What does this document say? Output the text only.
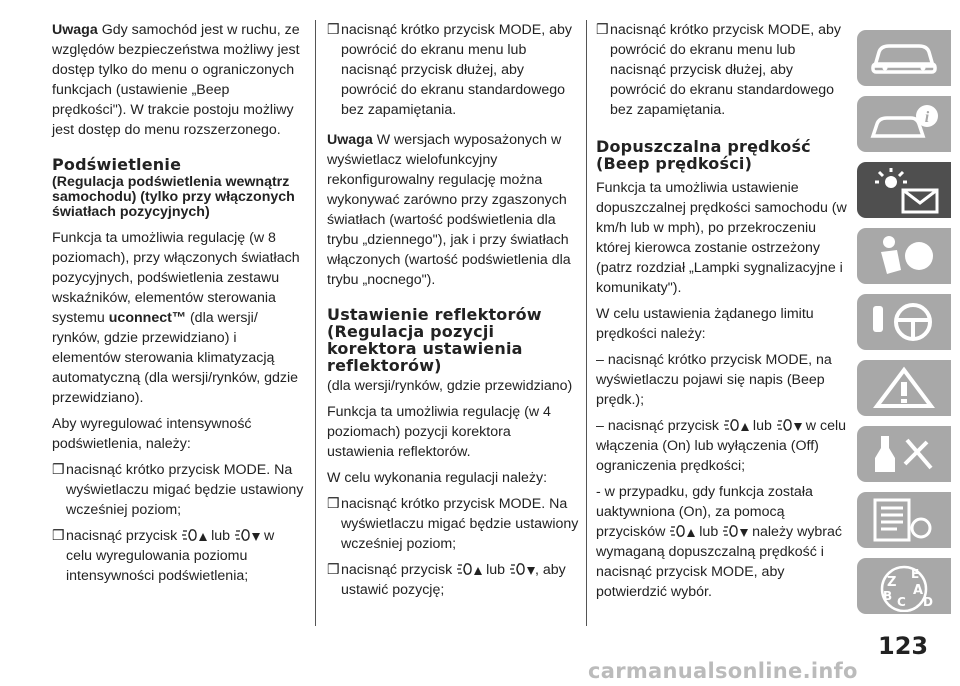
Uwaga Gdy samochód jest w ruchu, ze względów bezpieczeństwa możliwy jest dostęp tylko do menu o ograniczonych funkcjach (ustawienie „Beep prędkości"). W trakcie postoju możliwy jest dostęp do menu rozszerzonego.

Podświetlenie
(Regulacja podświetlenia wewnątrz samochodu) (tylko przy włączonych światłach pozycyjnych)

Funkcja ta umożliwia regulację (w 8 poziomach), przy włączonych światłach pozycyjnych, podświetlenia zestawu wskaźników, elementów sterowania systemu uconnect™ (dla wersji/ rynków, gdzie przewidziano) i elementów sterowania klimatyzacją automatyczną (dla wersji/rynków, gdzie przewidziano).

Aby wyregulować intensywność podświetlenia, należy:

❒ nacisnąć krótko przycisk MODE. Na wyświetlaczu migać będzie ustawiony wcześniej poziom;
❒ nacisnąć przycisk lub w celu wyregulowania poziomu intensywności podświetlenia;
❒ nacisnąć krótko przycisk MODE, aby powrócić do ekranu menu lub nacisnąć przycisk dłużej, aby powrócić do ekranu standardowego bez zapamiętania.

Uwaga W wersjach wyposażonych w wyświetlacz wielofunkcyjny rekonfigurowalny regulację można wykonywać zarówno przy zgaszonych światłach (wartość podświetlenia dla trybu „dziennego"), jak i przy światłach włączonych (wartość podświetlenia dla trybu „nocnego").

Ustawienie reflektorów (Regulacja pozycji korektora ustawienia reflektorów)

(dla wersji/rynków, gdzie przewidziano)

Funkcja ta umożliwia regulację (w 4 poziomach) pozycji korektora ustawienia reflektorów.

W celu wykonania regulacji należy:

❒ nacisnąć krótko przycisk MODE. Na wyświetlaczu migać będzie ustawiony wcześniej poziom;
❒ nacisnąć przycisk lub , aby ustawić pozycję;
❒ nacisnąć krótko przycisk MODE, aby powrócić do ekranu menu lub nacisnąć przycisk dłużej, aby powrócić do ekranu standardowego bez zapamiętania.
Dopuszczalna prędkość (Beep prędkości)

Funkcja ta umożliwia ustawienie dopuszczalnej prędkości samochodu (w km/h lub w mph), po przekroczeniu której kierowca zostanie ostrzeżony (patrz rozdział „Lampki sygnalizacyjne i komunikaty").

W celu ustawienia żądanego limitu prędkości należy:

– nacisnąć krótko przycisk MODE, na wyświetlaczu pojawi się napis (Beep prędk.);

– nacisnąć przycisk lub w celu włączenia (On) lub wyłączenia (Off) ograniczenia prędkości;

- w przypadku, gdy funkcja została uaktywniona (On), za pomocą przycisków lub należy wybrać wymaganą dopuszczalną prędkość i nacisnąć przycisk MODE, aby potwierdzić wybór.

i
Z
E
A
B C D
123
carmanualsonline.info
